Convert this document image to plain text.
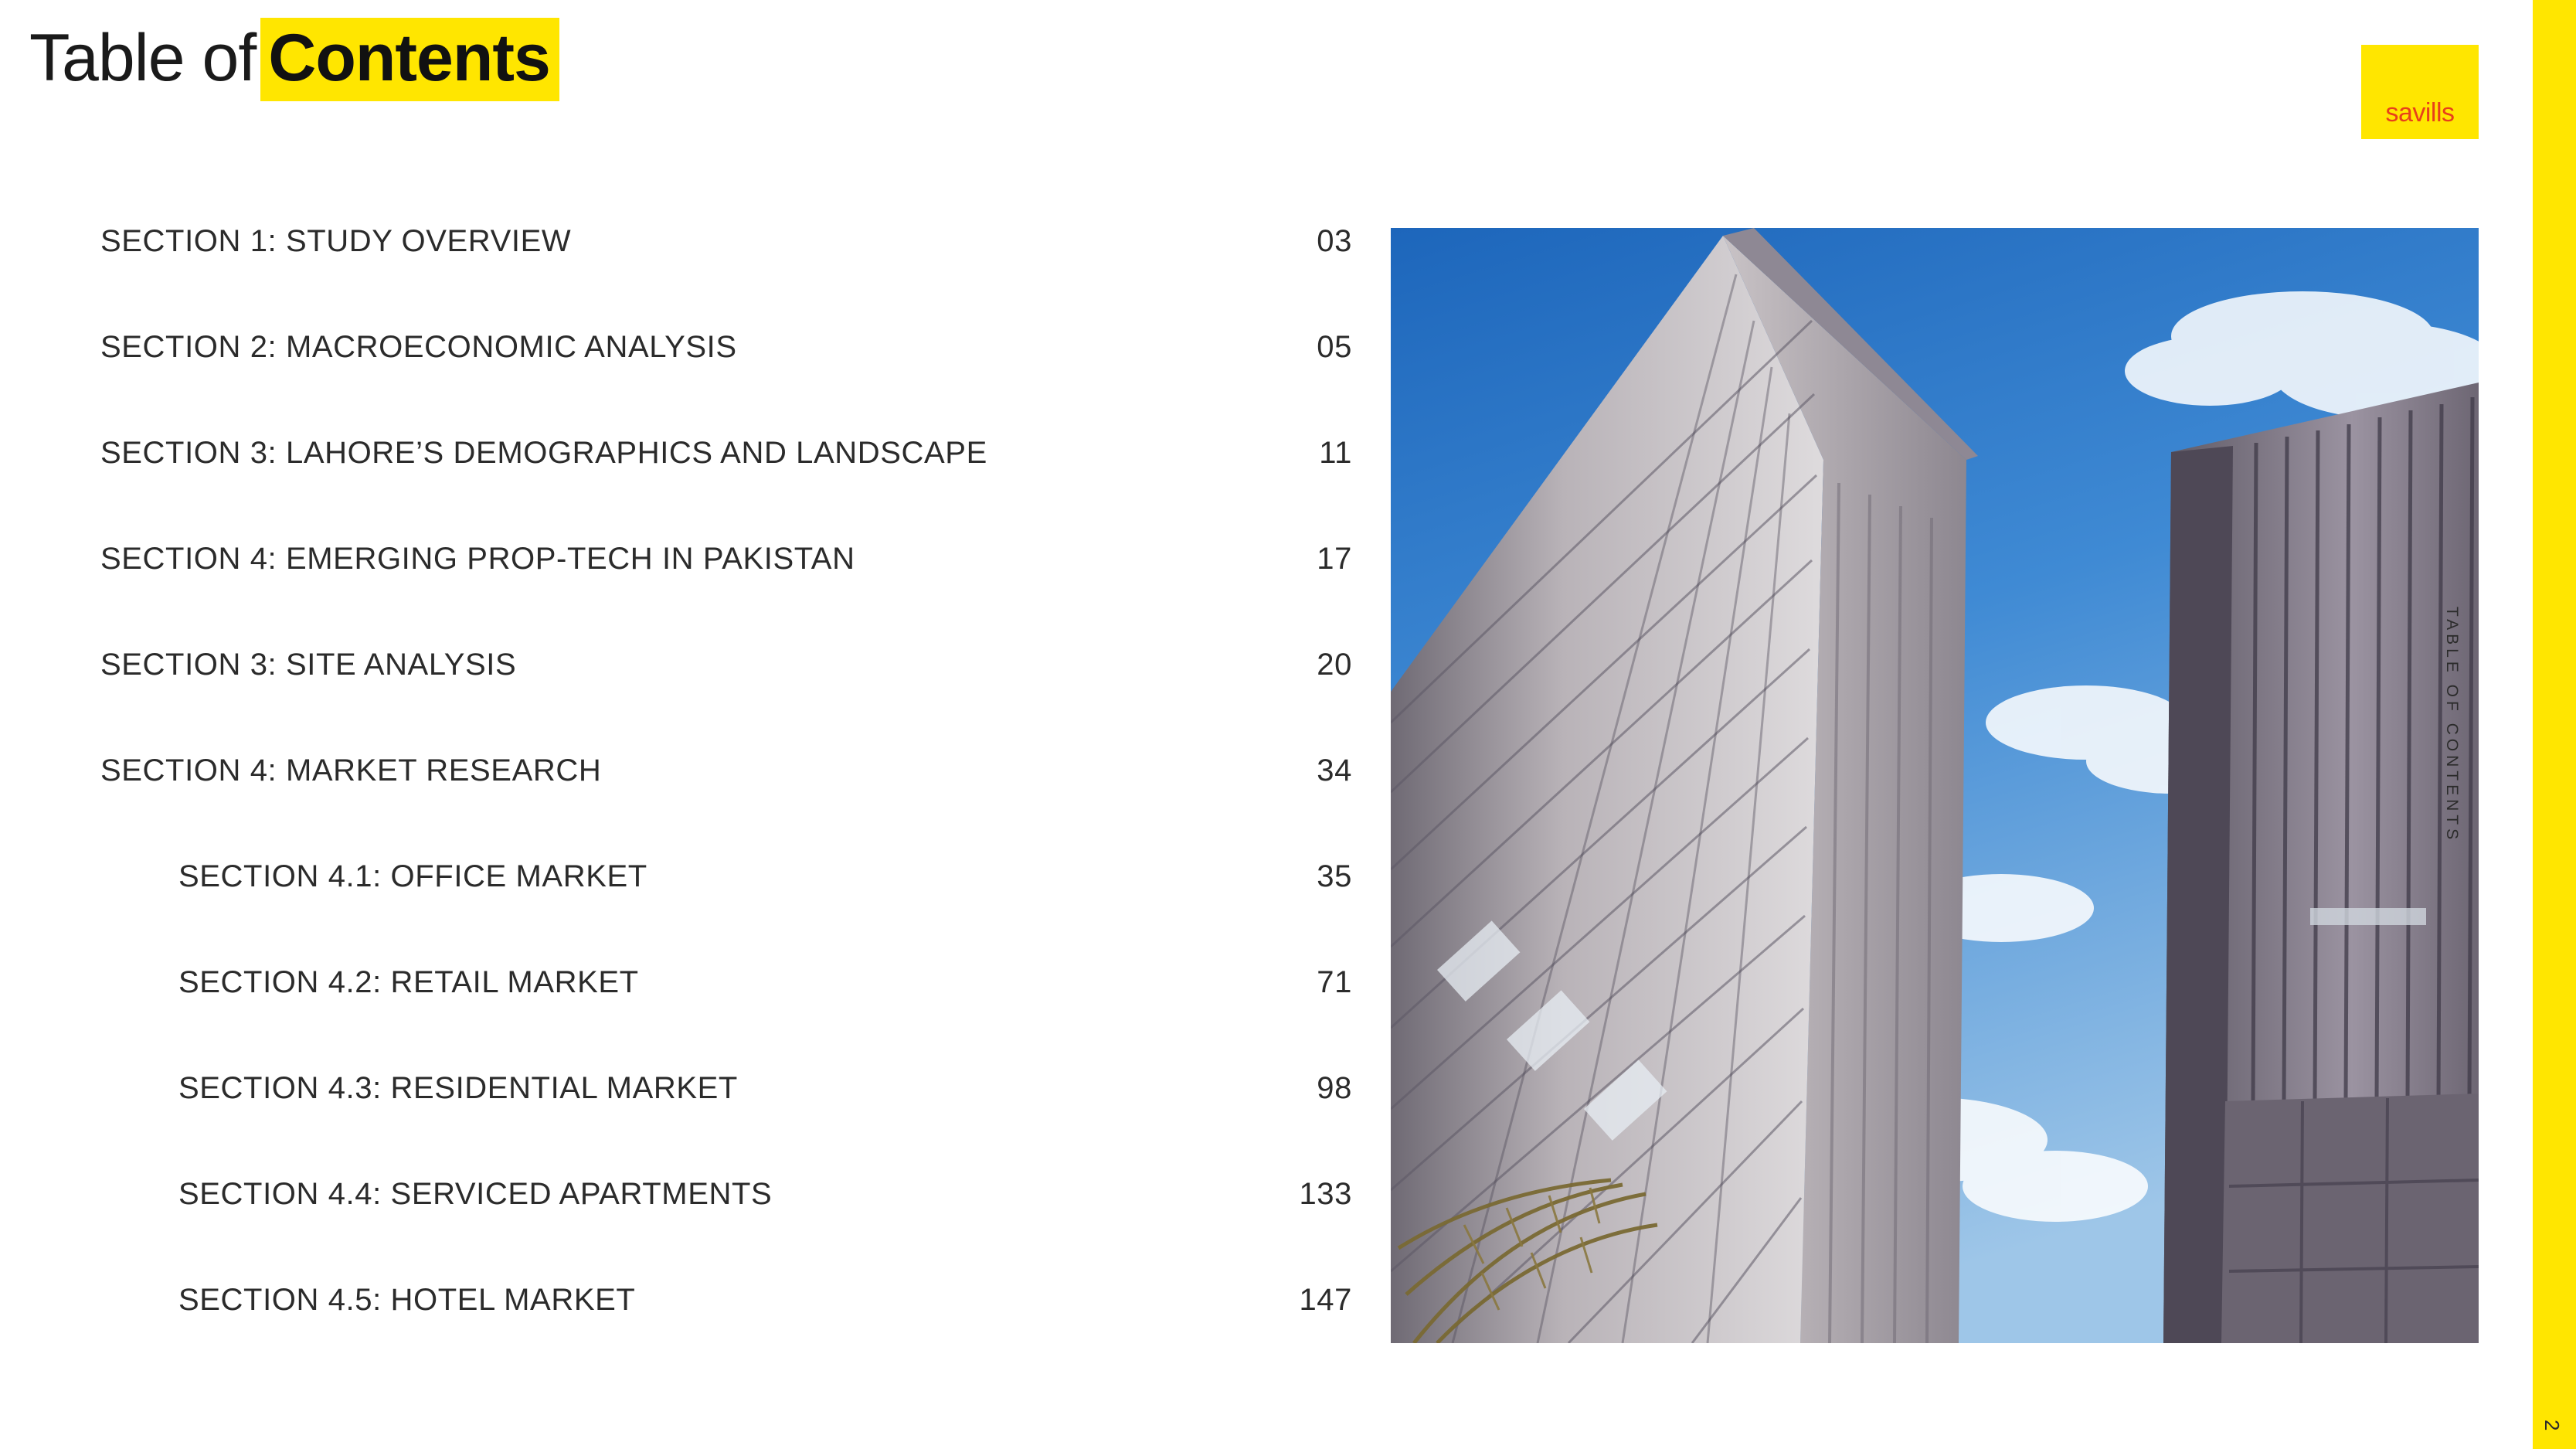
Table of Contents
savills
SECTION 1: STUDY OVERVIEW	03
SECTION 2: MACROECONOMIC ANALYSIS	05
SECTION 3: LAHORE’S DEMOGRAPHICS AND LANDSCAPE	11
SECTION 4: EMERGING PROP-TECH IN PAKISTAN	17
SECTION 3: SITE ANALYSIS	20
SECTION 4: MARKET RESEARCH	34
SECTION 4.1: OFFICE MARKET	35
SECTION 4.2: RETAIL MARKET	71
SECTION 4.3: RESIDENTIAL MARKET	98
SECTION 4.4: SERVICED APARTMENTS	133
SECTION 4.5: HOTEL MARKET	147
TABLE OF CONTENTS
2
